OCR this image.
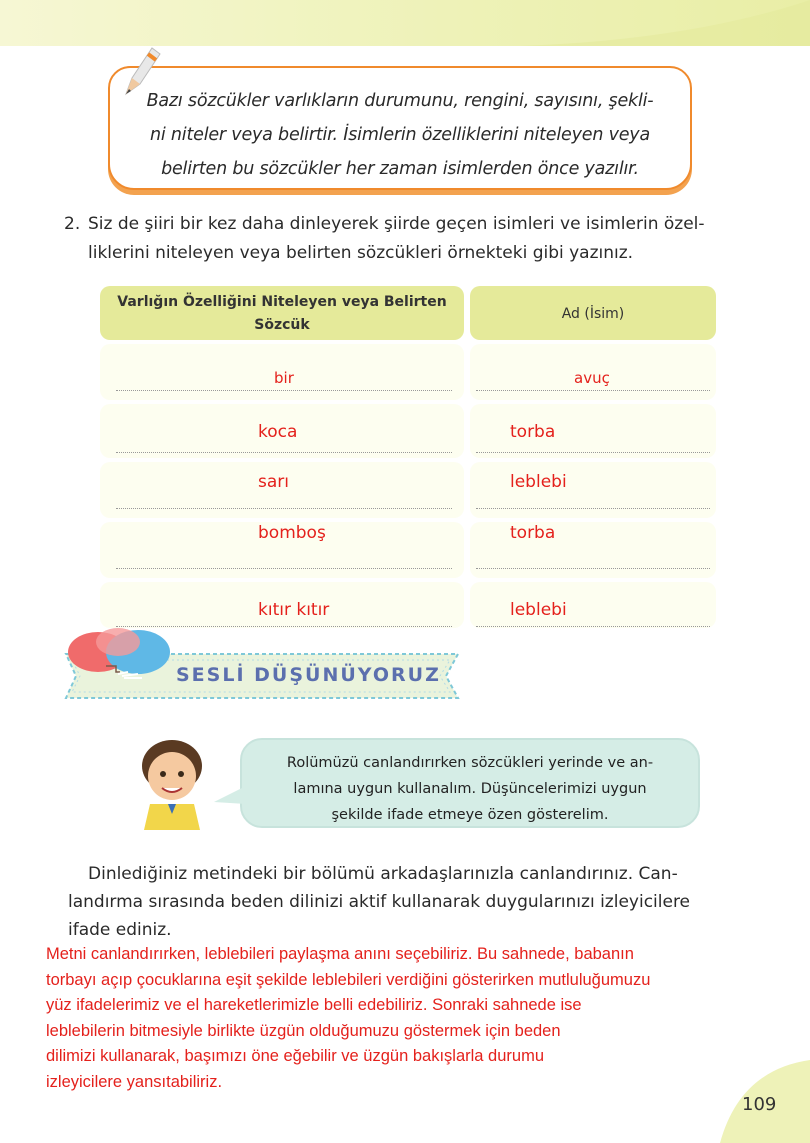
Bazı sözcükler varlıkların durumunu, rengini, sayısını, şekli-
ni niteler veya belirtir. İsimlerin özelliklerini niteleyen veya
belirten bu sözcükler her zaman isimlerden önce yazılır.
2. Siz de şiiri bir kez daha dinleyerek şiirde geçen isimleri ve isimlerin özel-
liklerini niteleyen veya belirten sözcükleri örnekteki gibi yazınız.
Varlığın Özelliğini Niteleyen veya Belirten
Sözcük
Ad (İsim)
bir	avuç
koca	torba
sarı	leblebi
bomboş	torba
kıtır kıtır	leblebi
SESLİ DÜŞÜNÜYORUZ
Rolümüzü canlandırırken sözcükleri yerinde ve an-
lamına uygun kullanalım. Düşüncelerimizi uygun
şekilde ifade etmeye özen gösterelim.
Dinlediğiniz metindeki bir bölümü arkadaşlarınızla canlandırınız. Can-
landırma sırasında beden dilinizi aktif kullanarak duygularınızı izleyicilere
ifade ediniz.
Metni canlandırırken, leblebileri paylaşma anını seçebiliriz. Bu sahnede, babanın
torbayı açıp çocuklarına eşit şekilde leblebileri verdiğini gösterirken mutluluğumuzu
yüz ifadelerimiz ve el hareketlerimizle belli edebiliriz. Sonraki sahnede ise
leblebilerin bitmesiyle birlikte üzgün olduğumuzu göstermek için beden
dilimizi kullanarak, başımızı öne eğebilir ve üzgün bakışlarla durumu
izleyicilere yansıtabiliriz.
109
